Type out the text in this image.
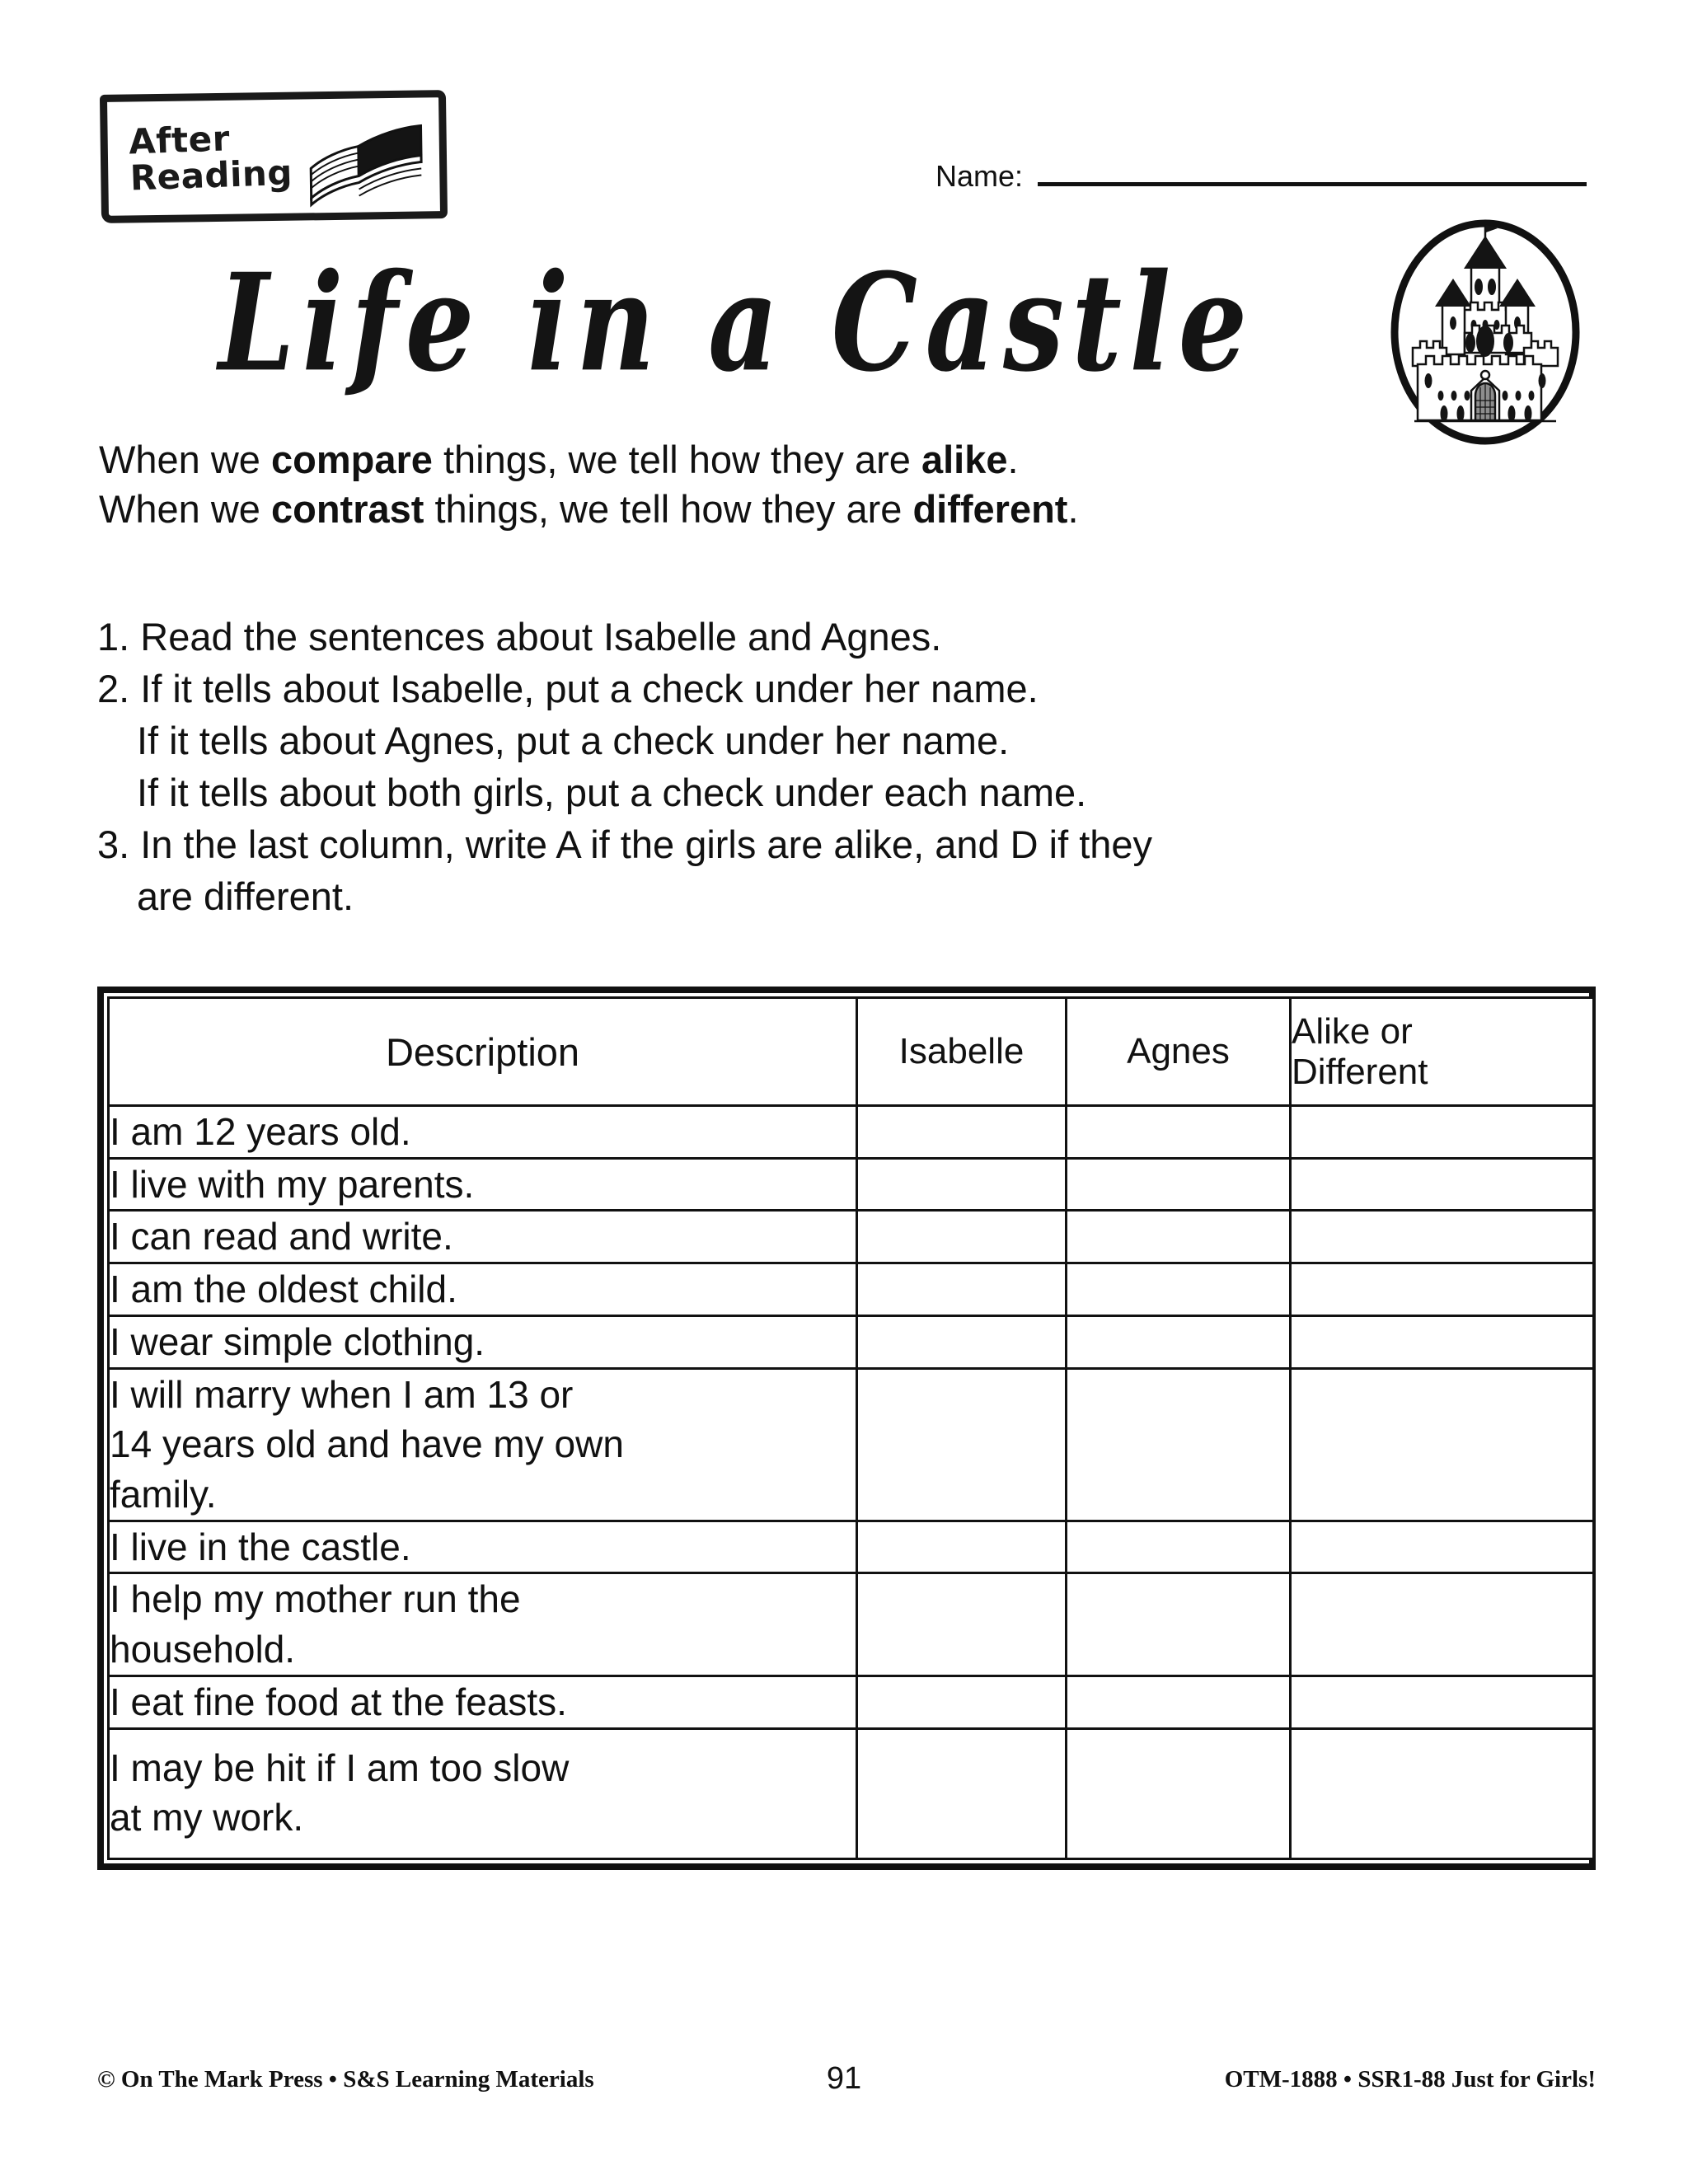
After
Reading	Name:
Life in a Castle
When we compare things, we tell how they are alike.
When we contrast things, we tell how they are different.
1. Read the sentences about Isabelle and Agnes.
2. If it tells about Isabelle, put a check under her name.
If it tells about Agnes, put a check under her name.
If it tells about both girls, put a check under each name.
3. In the last column, write A if the girls are alike, and D if they
are different.
Description	Isabelle	Agnes	Alike or
Different

I am 12 years old.			

I live with my parents.			

I can read and write.			

I am the oldest child.			

I wear simple clothing.			

I will marry when I am 13 or
14 years old and have my own
family.			

I live in the castle.			

I help my mother run the
household.			

I eat fine food at the feasts.			

I may be hit if I am too slow
at my work.			

© On The Mark Press • S&S Learning Materials	91	OTM-1888 • SSR1-88 Just for Girls!
